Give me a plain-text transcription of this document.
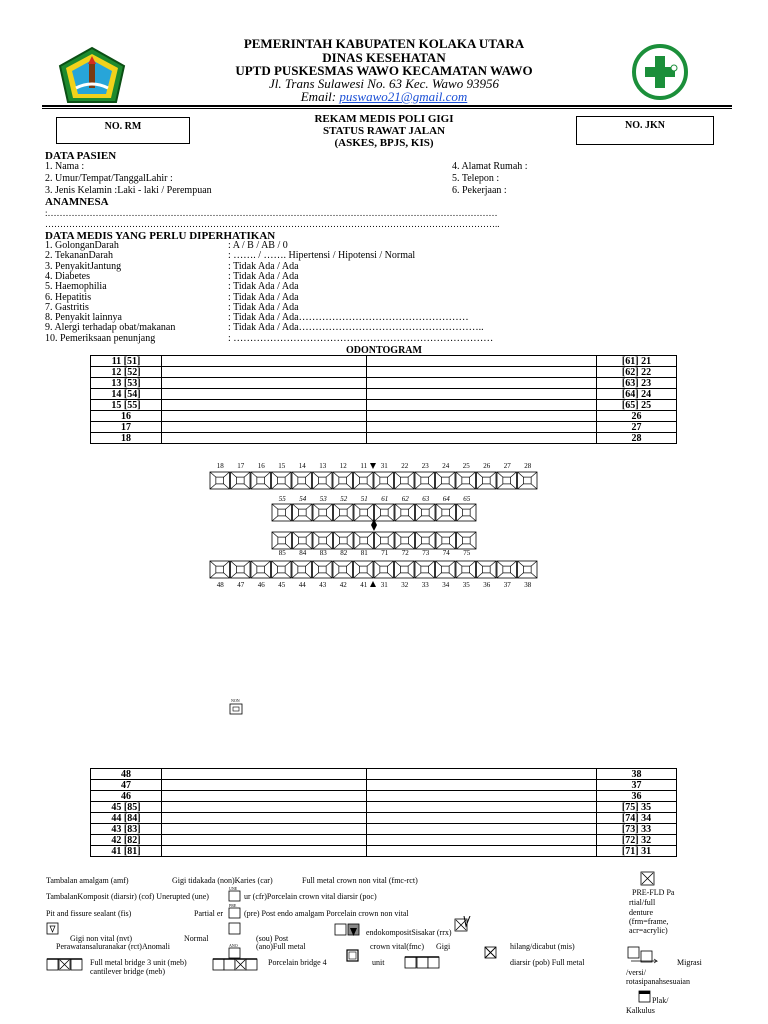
PEMERINTAH KABUPATEN KOLAKA UTARA
DINAS KESEHATAN
UPTD PUSKESMAS WAWO KECAMATAN WAWO
Jl. Trans Sulawesi No. 63 Kec. Wawo 93956
Email: puswawo21@gmail.com
NO. RM	NO. JKN
REKAM MEDIS POLI GIGI
STATUS RAWAT JALAN
(ASKES, BPJS, KIS)
DATA PASIEN
1. Nama :
2. Umur/Tempat/TanggalLahir :
3. Jenis Kelamin :Laki - laki / Perempuan
4. Alamat Rumah :
5. Telepon :
6. Pekerjaan :
ANAMNESA
:……………………………………………………………………………………………………………………………………
……………………………………………………………………………………………………………………………………..
DATA MEDIS YANG PERLU DIPERHATIKAN
1. GolonganDarah	: A / B / AB / 0
2. TekananDarah	: ……. / ……. Hipertensi / Hipotensi / Normal
3. PenyakitJantung	: Tidak Ada / Ada
4. Diabetes	: Tidak Ada / Ada
5. Haemophilia	: Tidak Ada / Ada
6. Hepatitis	: Tidak Ada / Ada
7. Gastritis	: Tidak Ada / Ada
8. Penyakit lainnya	: Tidak Ada / Ada……………………………………………
9. Alergi terhadap obat/makanan	: Tidak Ada / Ada………………………………………………..
10. Pemeriksaan penunjang	: ……………………………………………………………………
ODONTOGRAM
11 [51]			[61] 21
12 [52]			[62] 22
13 [53]			[63] 23
14 [54]			[64] 24
15 [55]			[65] 25
16			26
17			27
18			28
18 17 16 15 14 13 12 11 31 22 23 24 25 26 27 28
55 54 53 52 51 61 62 63 64 65
85 84 83 82 81 71 72 73 74 75
48 47 46 45 44 43 42 41 31 32 33 34 35 36 37 38
NON
48			38
47			37
46			36
45 [85]			[75] 35
44 [84]			[74] 34
43 [83]			[73] 33
42 [82]			[72] 32
41 [81]			[71] 31
Tambalan amalgam (amf)	Gigi tidakada (non)Karies (car)	Full metal crown non vital (fmc-rct)
TambalanKomposit (diarsir) (cof) Unerupted (une)
UNE
ur (cfr)Porcelain crown vital diarsir (poc)
Pit and fissure sealant (fis)	Partial er
PRE
(pre) Post endo amalgam Porcelain crown non vital
Gigi non vital (nvt)	Normal	(sou) Post
endokompositSisakar (rrx)
Perawatansaluranakar (rct)Anomali	ANO (ano)Full metal	crown vital(fmc) Gigi	hilang/dicabut (mis)
Full metal bridge 3 unit (meb)
cantilever bridge (meb)
Porcelain bridge 4	unit	diarsir (pob) Full metal
PRE-FLD Pa
rtial/full
denture
(frm=frame,
acr=acrylic)
Migrasi
/versi/
rotasipanahsesuaian
Plak/
Kalkulus
